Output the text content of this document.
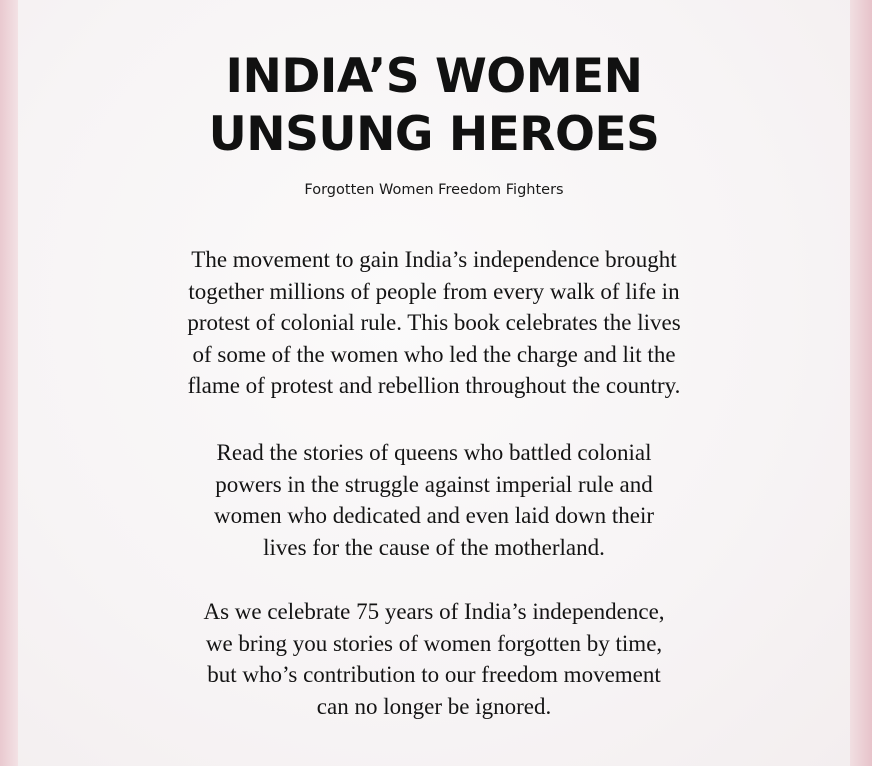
INDIA’S WOMEN
UNSUNG HEROES

Forgotten Women Freedom Fighters

The movement to gain India’s independence brought
together millions of people from every walk of life in
protest of colonial rule. This book celebrates the lives
of some of the women who led the charge and lit the
flame of protest and rebellion throughout the country.

Read the stories of queens who battled colonial
powers in the struggle against imperial rule and
women who dedicated and even laid down their
lives for the cause of the motherland.

As we celebrate 75 years of India’s independence,
we bring you stories of women forgotten by time,
but who’s contribution to our freedom movement
can no longer be ignored.
